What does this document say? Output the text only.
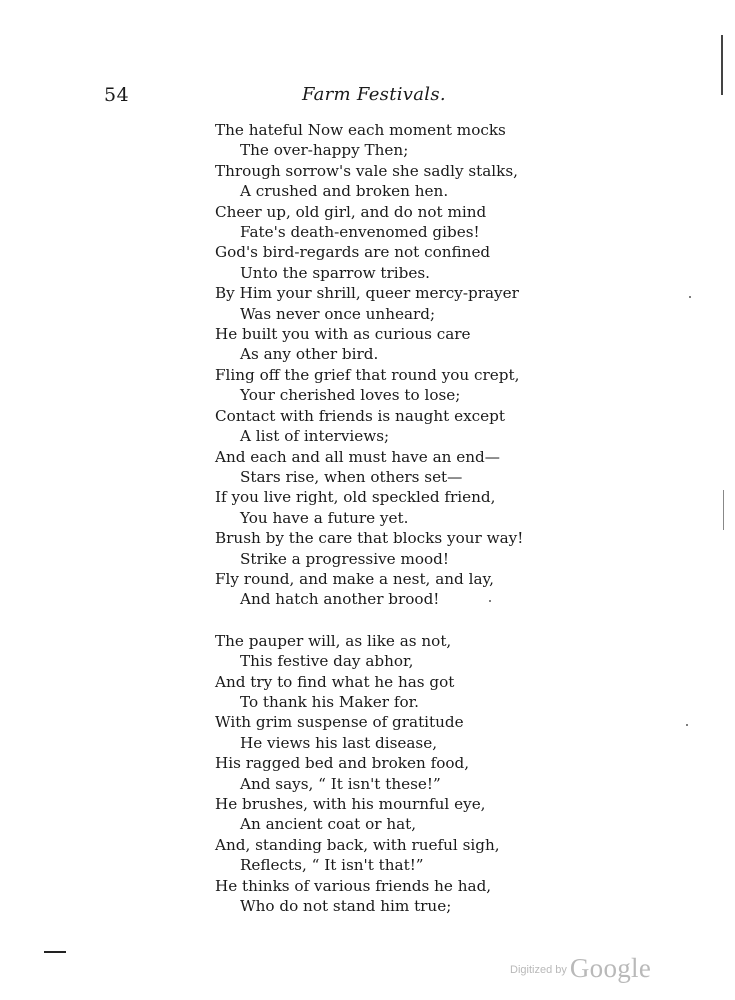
54	Farm Festivals.
The hateful Now each moment mocks
The over-happy Then;
Through sorrow's vale she sadly stalks,
A crushed and broken hen.
Cheer up, old girl, and do not mind
Fate's death-envenomed gibes!
God's bird-regards are not confined
Unto the sparrow tribes.
By Him your shrill, queer mercy-prayer
Was never once unheard;
He built you with as curious care
As any other bird.
Fling off the grief that round you crept,
Your cherished loves to lose;
Contact with friends is naught except
A list of interviews;
And each and all must have an end—
Stars rise, when others set—
If you live right, old speckled friend,
You have a future yet.
Brush by the care that blocks your way!
Strike a progressive mood!
Fly round, and make a nest, and lay,
And hatch another brood!
The pauper will, as like as not,
This festive day abhor,
And try to find what he has got
To thank his Maker for.
With grim suspense of gratitude
He views his last disease,
His ragged bed and broken food,
And says, “ It isn't these!”
He brushes, with his mournful eye,
An ancient coat or hat,
And, standing back, with rueful sigh,
Reflects, “ It isn't that!”
He thinks of various friends he had,
Who do not stand him true;
$^{Digitized by}$ Google
